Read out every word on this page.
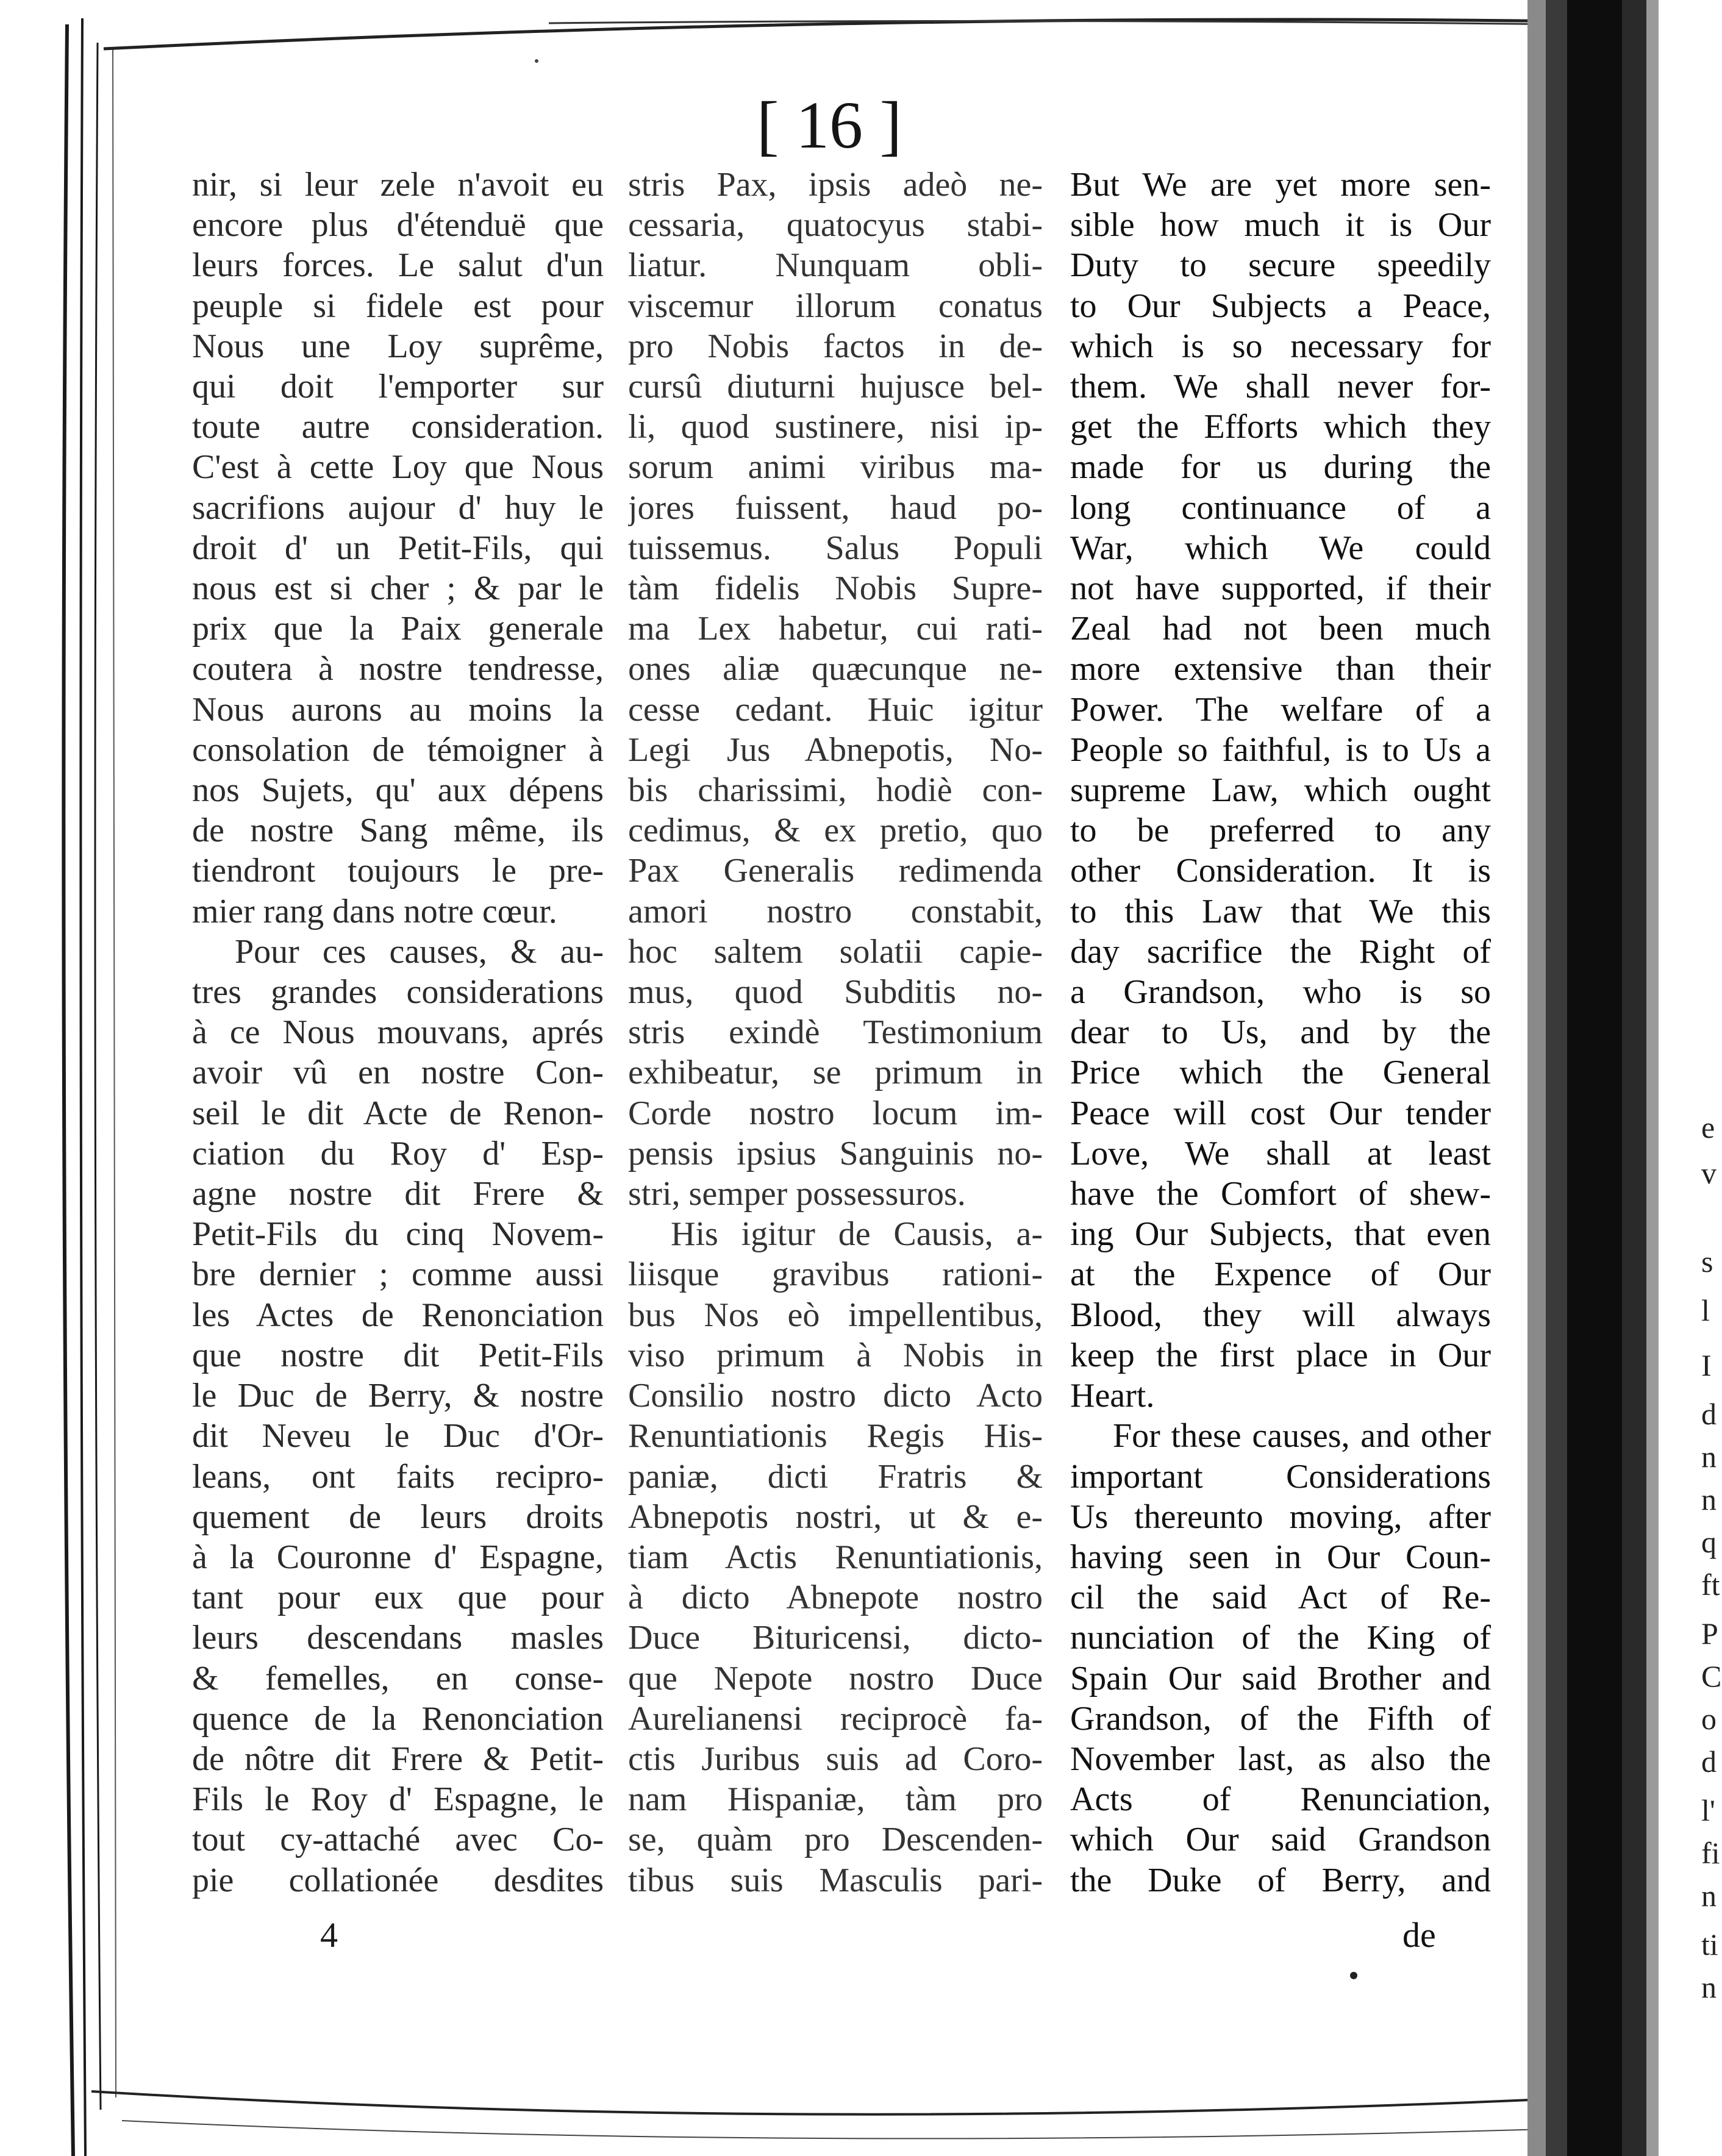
[ 16 ]
nir, si leur zele n'avoit eu
encore plus d'étenduë que
leurs forces. Le salut d'un
peuple si fidele est pour
Nous une Loy suprême,
qui doit l'emporter sur
toute autre consideration.
C'est à cette Loy que Nous
sacrifions aujour d' huy le
droit d' un Petit-Fils, qui
nous est si cher ; & par le
prix que la Paix generale
coutera à nostre tendresse,
Nous aurons au moins la
consolation de témoigner à
nos Sujets, qu' aux dépens
de nostre Sang même, ils
tiendront toujours le pre-
mier rang dans notre cœur.
Pour ces causes, & au-
tres grandes considerations
à ce Nous mouvans, aprés
avoir vû en nostre Con-
seil le dit Acte de Renon-
ciation du Roy d' Esp-
agne nostre dit Frere &
Petit-Fils du cinq Novem-
bre dernier ; comme aussi
les Actes de Renonciation
que nostre dit Petit-Fils
le Duc de Berry, & nostre
dit Neveu le Duc d'Or-
leans, ont faits recipro-
quement de leurs droits
à la Couronne d' Espagne,
tant pour eux que pour
leurs descendans masles
& femelles, en conse-
quence de la Renonciation
de nôtre dit Frere & Petit-
Fils le Roy d' Espagne, le
tout cy-attaché avec Co-
pie collationée desdites
stris Pax, ipsis adeò ne-
cessaria, quatocyus stabi-
liatur. Nunquam obli-
viscemur illorum conatus
pro Nobis factos in de-
cursû diuturni hujusce bel-
li, quod sustinere, nisi ip-
sorum animi viribus ma-
jores fuissent, haud po-
tuissemus. Salus Populi
tàm fidelis Nobis Supre-
ma Lex habetur, cui rati-
ones aliæ quæcunque ne-
cesse cedant. Huic igitur
Legi Jus Abnepotis, No-
bis charissimi, hodiè con-
cedimus, & ex pretio, quo
Pax Generalis redimenda
amori nostro constabit,
hoc saltem solatii capie-
mus, quod Subditis no-
stris exindè Testimonium
exhibeatur, se primum in
Corde nostro locum im-
pensis ipsius Sanguinis no-
stri, semper possessuros.
His igitur de Causis, a-
liisque gravibus rationi-
bus Nos eò impellentibus,
viso primum à Nobis in
Consilio nostro dicto Acto
Renuntiationis Regis His-
paniæ, dicti Fratris &
Abnepotis nostri, ut & e-
tiam Actis Renuntiationis,
à dicto Abnepote nostro
Duce Bituricensi, dicto-
que Nepote nostro Duce
Aurelianensi reciprocè fa-
ctis Juribus suis ad Coro-
nam Hispaniæ, tàm pro
se, quàm pro Descenden-
tibus suis Masculis pari-
But We are yet more sen-
sible how much it is Our
Duty to secure speedily
to Our Subjects a Peace,
which is so necessary for
them. We shall never for-
get the Efforts which they
made for us during the
long continuance of a
War, which We could
not have supported, if their
Zeal had not been much
more extensive than their
Power. The welfare of a
People so faithful, is to Us a
supreme Law, which ought
to be preferred to any
other Consideration. It is
to this Law that We this
day sacrifice the Right of
a Grandson, who is so
dear to Us, and by the
Price which the General
Peace will cost Our tender
Love, We shall at least
have the Comfort of shew-
ing Our Subjects, that even
at the Expence of Our
Blood, they will always
keep the first place in Our
Heart.
For these causes, and other
important Considerations
Us thereunto moving, after
having seen in Our Coun-
cil the said Act of Re-
nunciation of the King of
Spain Our said Brother and
Grandson, of the Fifth of
November last, as also the
Acts of Renunciation,
which Our said Grandson
the Duke of Berry, and
4	de
e
v
s
l
I
d
n
n
q
ft
P
C
o
d
l'
fi
n
ti
n
